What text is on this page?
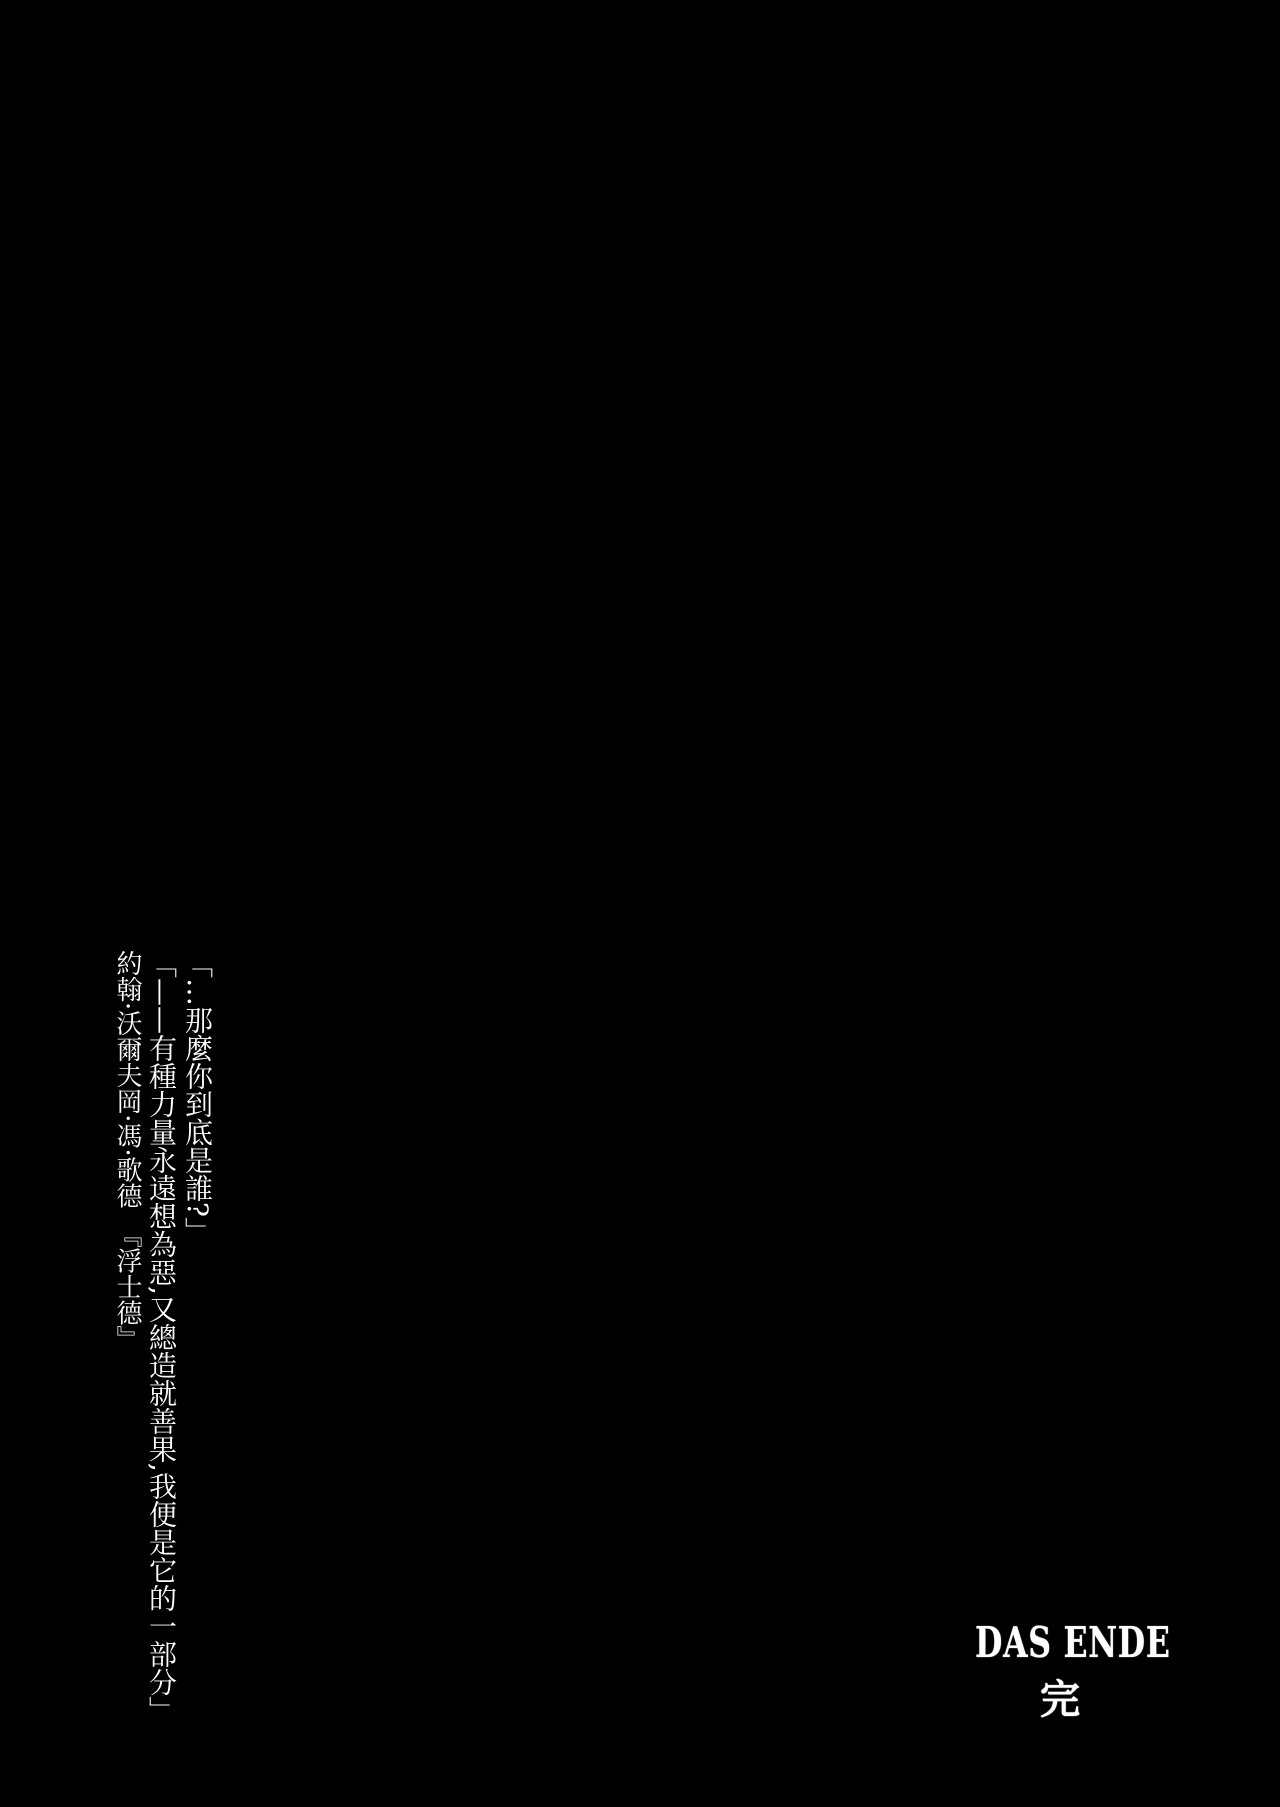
「…那麼你到底是誰?」

「——有種力量永遠想為惡,又總造就善果,我便是它的一部分」

約翰·沃爾夫岡·馮·歌德　『浮士德』

DAS ENDE
完
